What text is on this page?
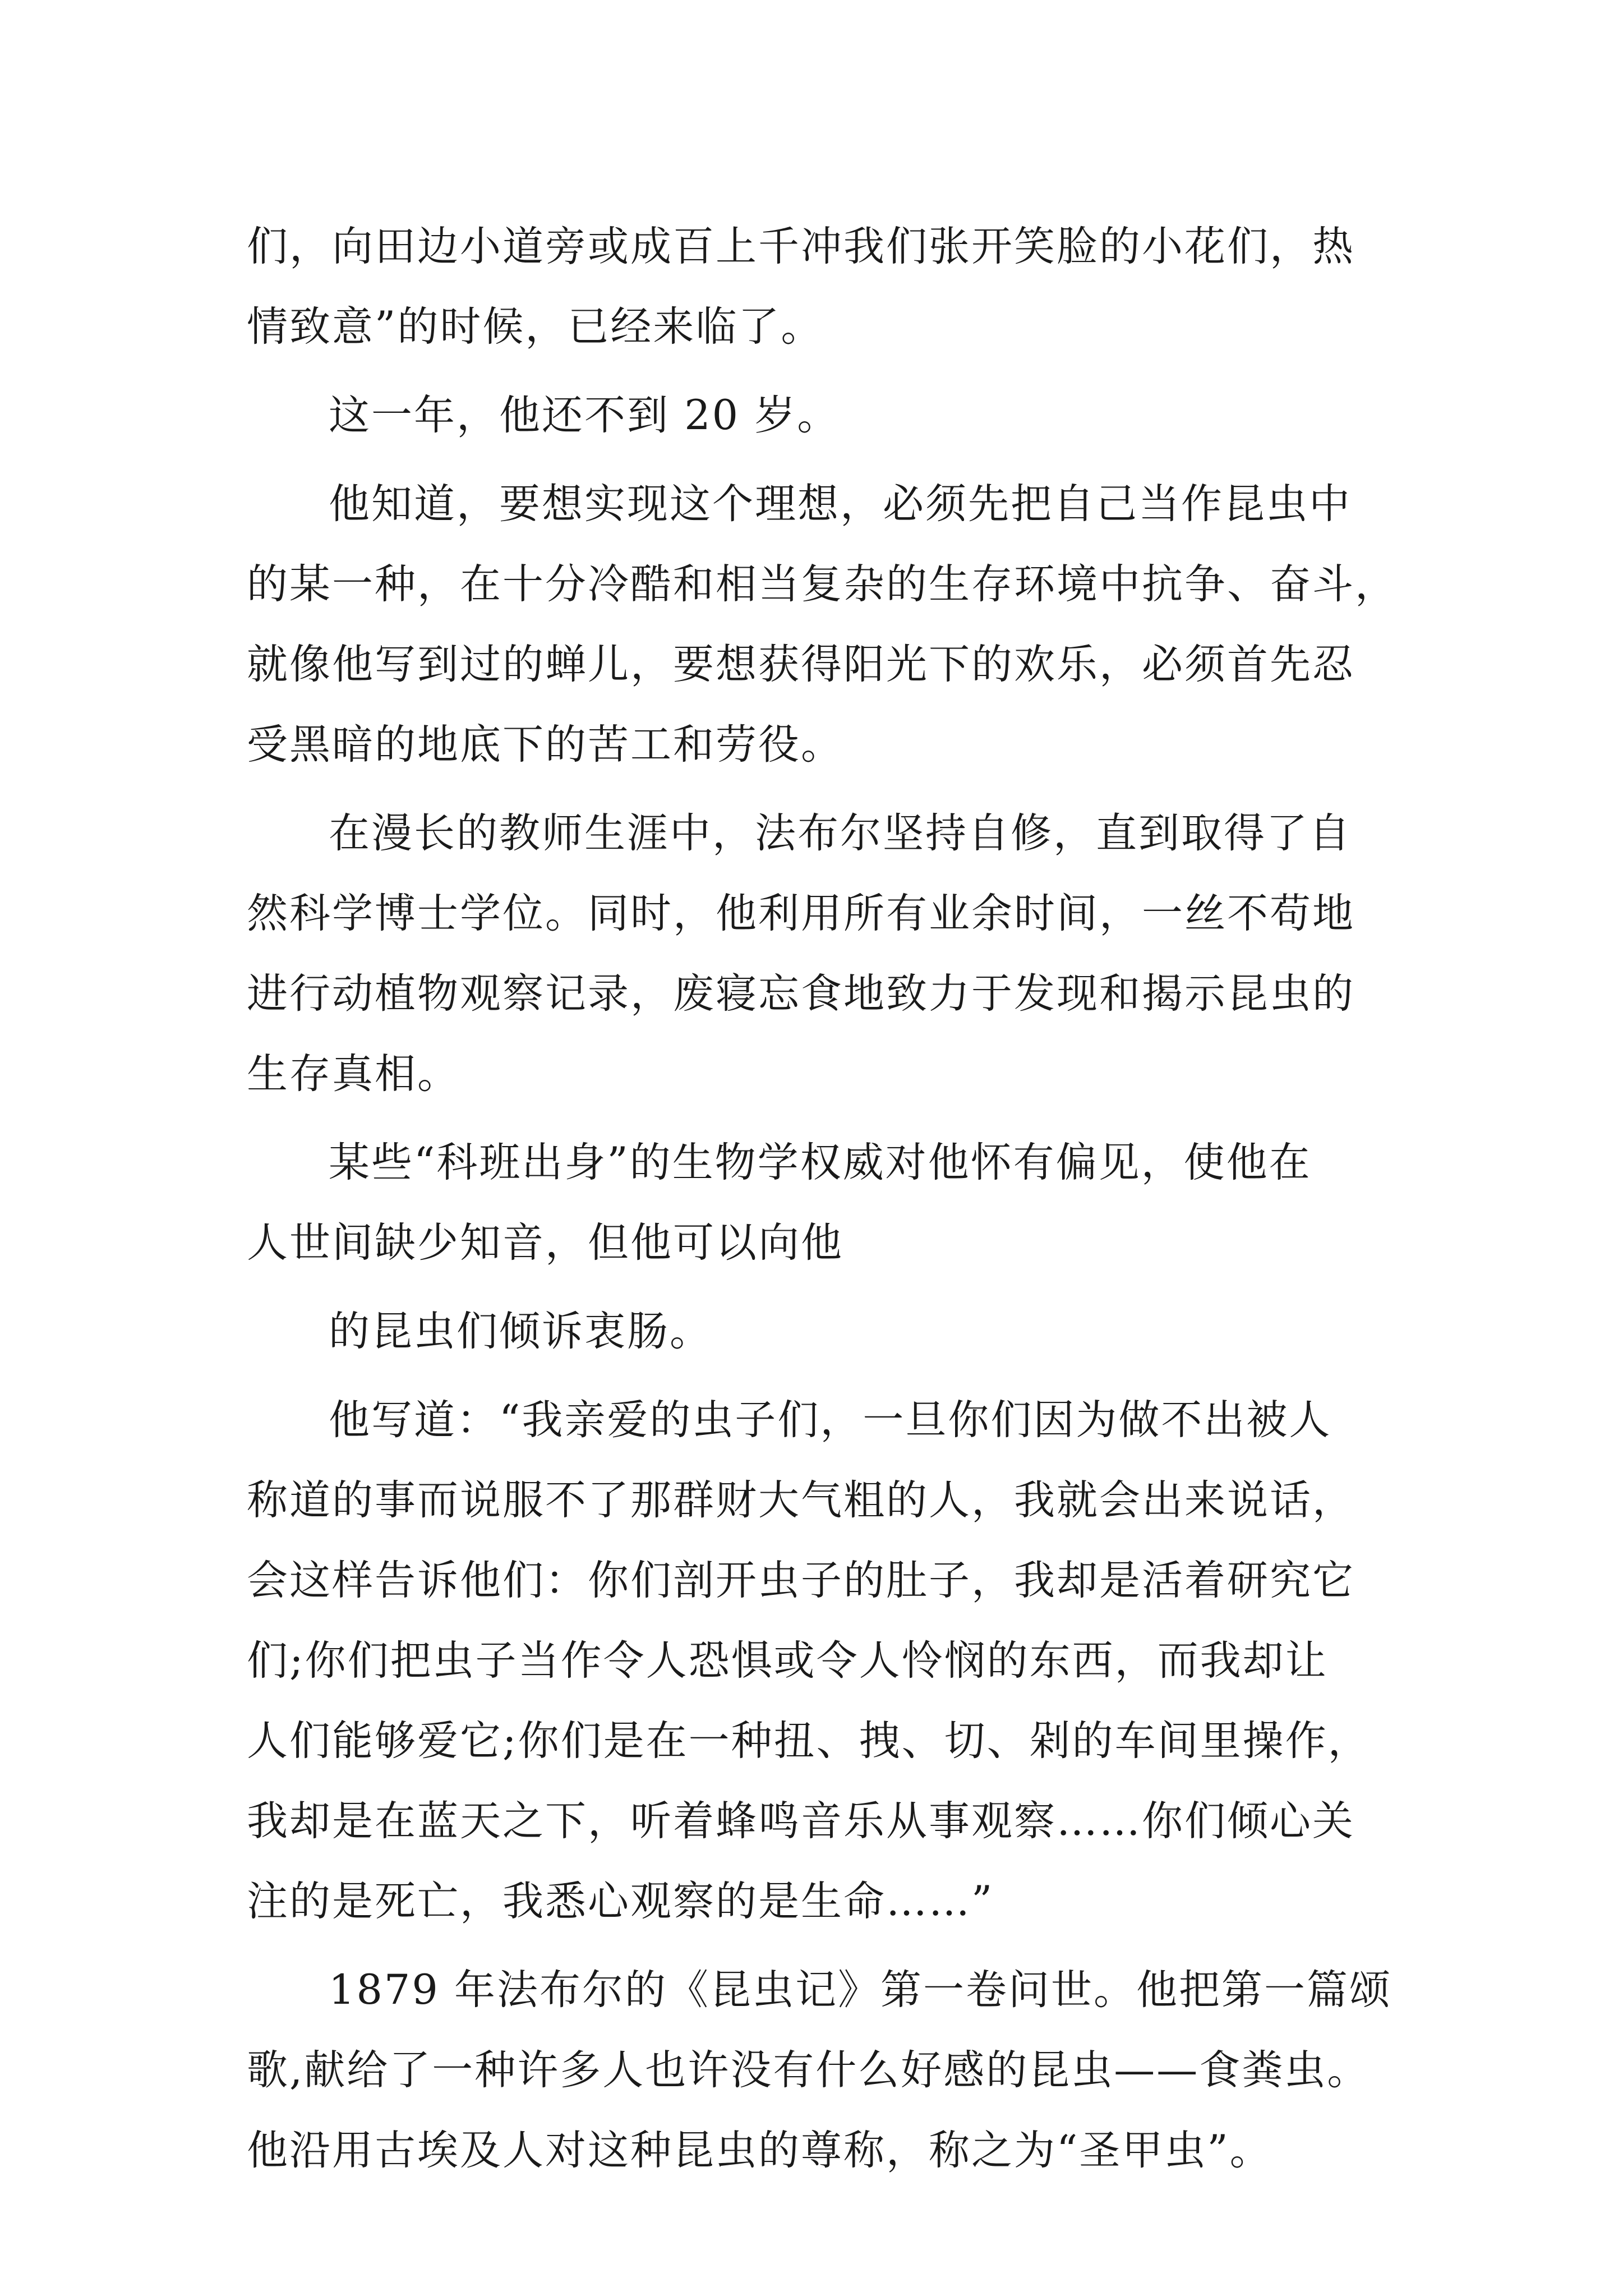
们，向田边小道旁或成百上千冲我们张开笑脸的小花们，热
情致意”的时候，已经来临了。
这一年，他还不到 20 岁。
他知道，要想实现这个理想，必须先把自己当作昆虫中
的某一种，在十分冷酷和相当复杂的生存环境中抗争、奋斗，
就像他写到过的蝉儿，要想获得阳光下的欢乐，必须首先忍
受黑暗的地底下的苦工和劳役。
在漫长的教师生涯中，法布尔坚持自修，直到取得了自
然科学博士学位。同时，他利用所有业余时间，一丝不苟地
进行动植物观察记录，废寝忘食地致力于发现和揭示昆虫的
生存真相。
某些“科班出身”的生物学权威对他怀有偏见，使他在
人世间缺少知音，但他可以向他
的昆虫们倾诉衷肠。
他写道：“我亲爱的虫子们，一旦你们因为做不出被人
称道的事而说服不了那群财大气粗的人，我就会出来说话，
会这样告诉他们：你们剖开虫子的肚子，我却是活着研究它
们;你们把虫子当作令人恐惧或令人怜悯的东西，而我却让
人们能够爱它;你们是在一种扭、拽、切、剁的车间里操作，
我却是在蓝天之下，听着蜂鸣音乐从事观察……你们倾心关
注的是死亡，我悉心观察的是生命……”
1879 年法布尔的《昆虫记》第一卷问世。他把第一篇颂
歌,献给了一种许多人也许没有什么好感的昆虫——食粪虫。
他沿用古埃及人对这种昆虫的尊称，称之为“圣甲虫”。
